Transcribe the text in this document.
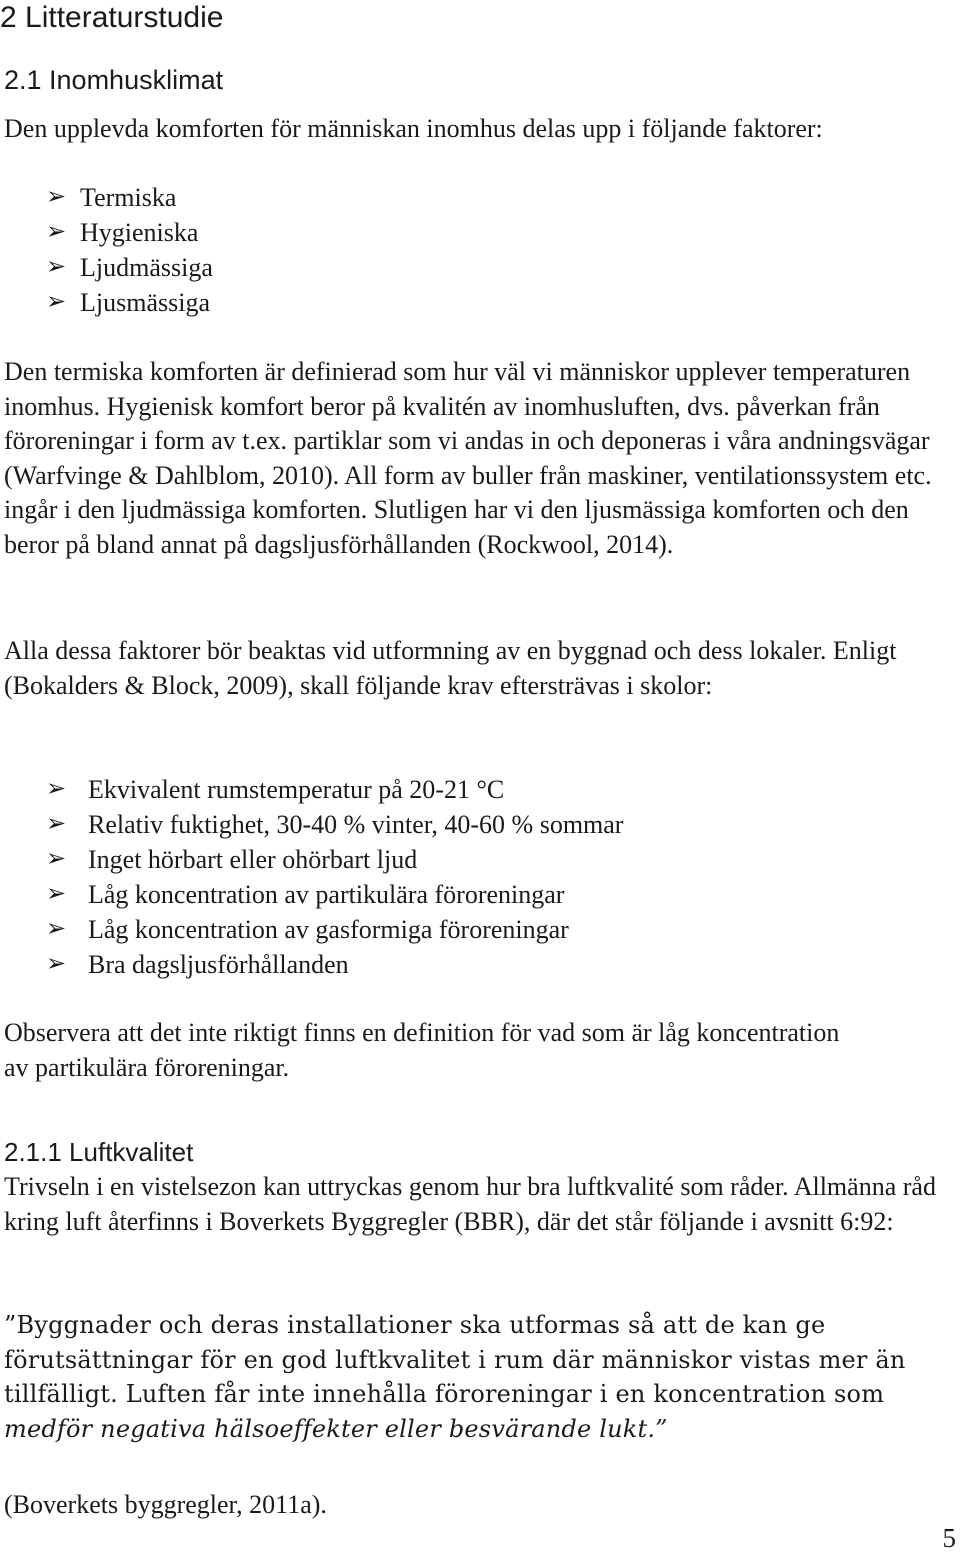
2 Litteraturstudie
2.1 Inomhusklimat

Den upplevda komforten för människan inomhus delas upp i följande faktorer:

➢ Termiska
➢ Hygieniska
➢ Ljudmässiga
➢ Ljusmässiga

Den termiska komforten är definierad som hur väl vi människor upplever temperaturen inomhus. Hygienisk komfort beror på kvalitén av inomhusluften, dvs. påverkan från föroreningar i form av t.ex. partiklar som vi andas in och deponeras i våra andningsvägar (Warfvinge & Dahlblom, 2010). All form av buller från maskiner, ventilationssystem etc. ingår i den ljudmässiga komforten. Slutligen har vi den ljusmässiga komforten och den beror på bland annat på dagsljusförhållanden (Rockwool, 2014).

Alla dessa faktorer bör beaktas vid utformning av en byggnad och dess lokaler. Enligt (Bokalders & Block, 2009), skall följande krav eftersträvas i skolor:

➢ Ekvivalent rumstemperatur på 20-21 °C
➢ Relativ fuktighet, 30-40 % vinter, 40-60 % sommar
➢ Inget hörbart eller ohörbart ljud
➢ Låg koncentration av partikulära föroreningar
➢ Låg koncentration av gasformiga föroreningar
➢ Bra dagsljusförhållanden

Observera att det inte riktigt finns en definition för vad som är låg koncentration av partikulära föroreningar.

2.1.1 Luftkvalitet

Trivseln i en vistelsezon kan uttryckas genom hur bra luftkvalité som råder. Allmänna råd kring luft återfinns i Boverkets Byggregler (BBR), där det står följande i avsnitt 6:92:

”Byggnader och deras installationer ska utformas så att de kan ge förutsättningar för en god luftkvalitet i rum där människor vistas mer än tillfälligt. Luften får inte innehålla föroreningar i en koncentration som medför negativa hälsoeffekter eller besvärande lukt.”

(Boverkets byggregler, 2011a).

5
